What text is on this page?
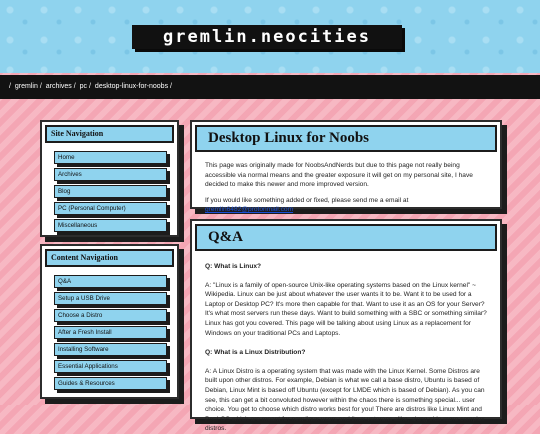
gremlin.neocities
/ gremlin / archives / pc / desktop-linux-for-noobs /
Site Navigation
Home
Archives
Blog
PC (Personal Computer)
Miscellaneous
Content Navigation
Q&A
Setup a USB Drive
Choose a Distro
After a Fresh Install
Installing Software
Essential Applications
Guides & Resources
Desktop Linux for Noobs

This page was originally made for NoobsAndNerds but due to this page not really being accessible via normal means and the greater exposure it will get on my personal site, I have decided to make this newer and more improved version.

If you would like something added or fixed, please send me a email at gremlin6482@protonmail.com

Q&A

Q: What is Linux?

A: "Linux is a family of open-source Unix-like operating systems based on the Linux kernel" ~ Wikipedia. Linux can be just about whatever the user wants it to be. Want it to be used for a Laptop or Desktop PC? It's more then capable for that. Want to use it as an OS for your Server? It's what most servers run these days. Want to build something with a SBC or something similar? Linux has got you covered. This page will be talking about using Linux as a replacement for Windows on your traditional PCs and Laptops.

Q: What is a Linux Distribution?

A: A Linux Distro is a operating system that was made with the Linux Kernel. Some Distros are built upon other distros. For example, Debian is what we call a base distro, Ubuntu is based of Debian, Linux Mint is based off Ubuntu (except for LMDE which is based of Debian). As you can see, this can get a bit convoluted however within the chaos there is something special... user choice. You get to choose which distro works best for you! There are distros like Linux Mint and Pop! OS which are meant for new linux users and linux veterans alike, along side more complex distros.
